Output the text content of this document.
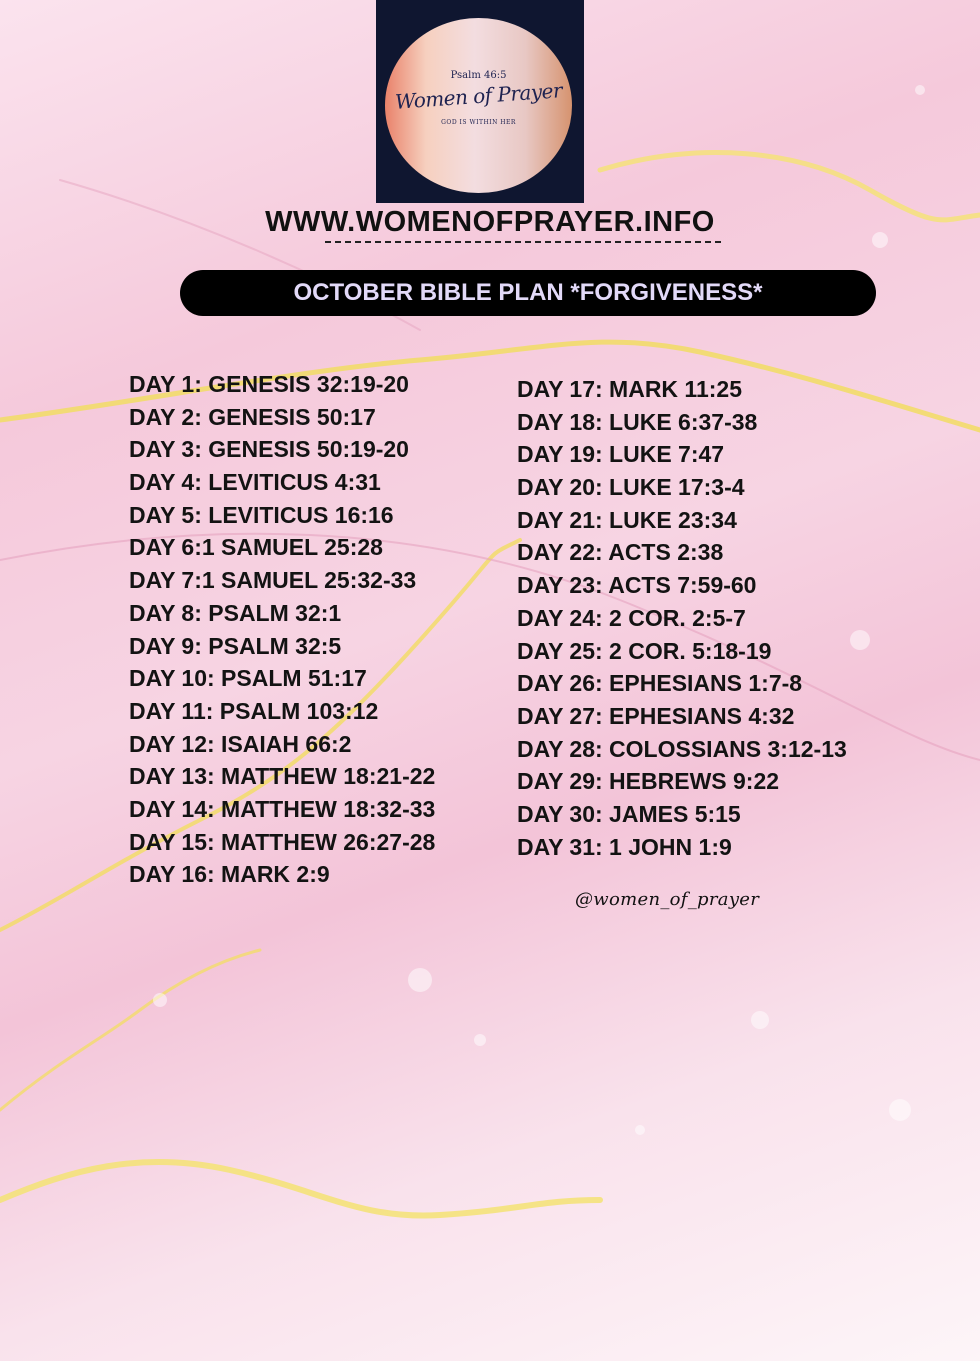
Psalm 46:5
Women of Prayer
GOD IS WITHIN HER
WWW.WOMENOFPRAYER.INFO
OCTOBER BIBLE PLAN *FORGIVENESS*
DAY 1: GENESIS 32:19-20
DAY 2: GENESIS 50:17
DAY 3: GENESIS 50:19-20
DAY 4: LEVITICUS 4:31
DAY 5: LEVITICUS 16:16
DAY 6:1 SAMUEL 25:28
DAY 7:1 SAMUEL 25:32-33
DAY 8: PSALM 32:1
DAY 9: PSALM 32:5
DAY 10: PSALM 51:17
DAY 11: PSALM 103:12
DAY 12: ISAIAH 66:2
DAY 13: MATTHEW 18:21-22
DAY 14: MATTHEW 18:32-33
DAY 15: MATTHEW 26:27-28
DAY 16: MARK 2:9
DAY 17: MARK 11:25
DAY 18: LUKE 6:37-38
DAY 19: LUKE 7:47
DAY 20: LUKE 17:3-4
DAY 21: LUKE 23:34
DAY 22: ACTS 2:38
DAY 23: ACTS 7:59-60
DAY 24: 2 COR. 2:5-7
DAY 25: 2 COR. 5:18-19
DAY 26: EPHESIANS 1:7-8
DAY 27: EPHESIANS 4:32
DAY 28: COLOSSIANS 3:12-13
DAY 29: HEBREWS 9:22
DAY 30: JAMES 5:15
DAY 31: 1 JOHN 1:9
@women_of_prayer
